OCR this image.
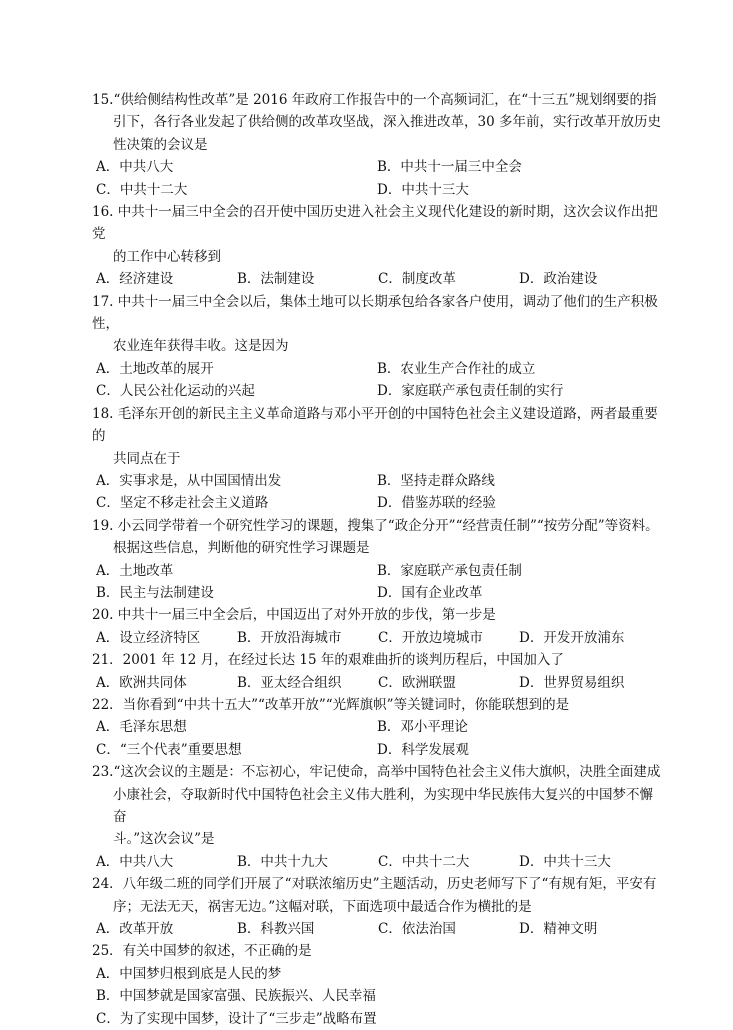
15.“供给侧结构性改革”是 2016 年政府工作报告中的一个高频词汇，在“十三五”规划纲要的指
引下，各行各业发起了供给侧的改革攻坚战，深入推进改革，30 多年前，实行改革开放历史
性决策的会议是
A．中共八大	B．中共十一届三中全会
C．中共十二大	D．中共十三大
16. 中共十一届三中全会的召开使中国历史进入社会主义现代化建设的新时期，这次会议作出把党
的工作中心转移到
A．经济建设	B．法制建设	C．制度改革	D．政治建设
17. 中共十一届三中全会以后，集体土地可以长期承包给各家各户使用，调动了他们的生产积极性，
农业连年获得丰收。这是因为
A．土地改革的展开	B．农业生产合作社的成立
C．人民公社化运动的兴起	D．家庭联产承包责任制的实行
18. 毛泽东开创的新民主主义革命道路与邓小平开创的中国特色社会主义建设道路，两者最重要的
共同点在于
A．实事求是，从中国国情出发	B．坚持走群众路线
C．坚定不移走社会主义道路	D．借鉴苏联的经验
19. 小云同学带着一个研究性学习的课题，搜集了“政企分开”“经营责任制”“按劳分配”等资料。
根据这些信息，判断他的研究性学习课题是
A．土地改革	B．家庭联产承包责任制
B．民主与法制建设	D．国有企业改革
20. 中共十一届三中全会后，中国迈出了对外开放的步伐，第一步是
A．设立经济特区	B．开放沿海城市	C．开放边境城市	D．开发开放浦东
21．2001 年 12 月，在经过长达 15 年的艰难曲折的谈判历程后，中国加入了
A．欧洲共同体	B．亚太经合组织	C．欧洲联盟	D．世界贸易组织
22．当你看到“中共十五大”“改革开放”“光辉旗帜”等关键词时，你能联想到的是
A．毛泽东思想	B．邓小平理论
C．“三个代表”重要思想	D．科学发展观
23.“这次会议的主题是：不忘初心，牢记使命，高举中国特色社会主义伟大旗帜，决胜全面建成
小康社会，夺取新时代中国特色社会主义伟大胜利，为实现中华民族伟大复兴的中国梦不懈奋
斗。”这次会议”是
A．中共八大	B．中共十九大	C．中共十二大	D．中共十三大
24．八年级二班的同学们开展了“对联浓缩历史”主题活动，历史老师写下了“有规有矩，平安有
序；无法无天，祸害无边。”这幅对联，下面选项中最适合作为横批的是
A．改革开放	B．科教兴国	C．依法治国	D．精神文明
25．有关中国梦的叙述，不正确的是
A．中国梦归根到底是人民的梦
B．中国梦就是国家富强、民族振兴、人民幸福
C．为了实现中国梦，设计了“三步走”战略布置
